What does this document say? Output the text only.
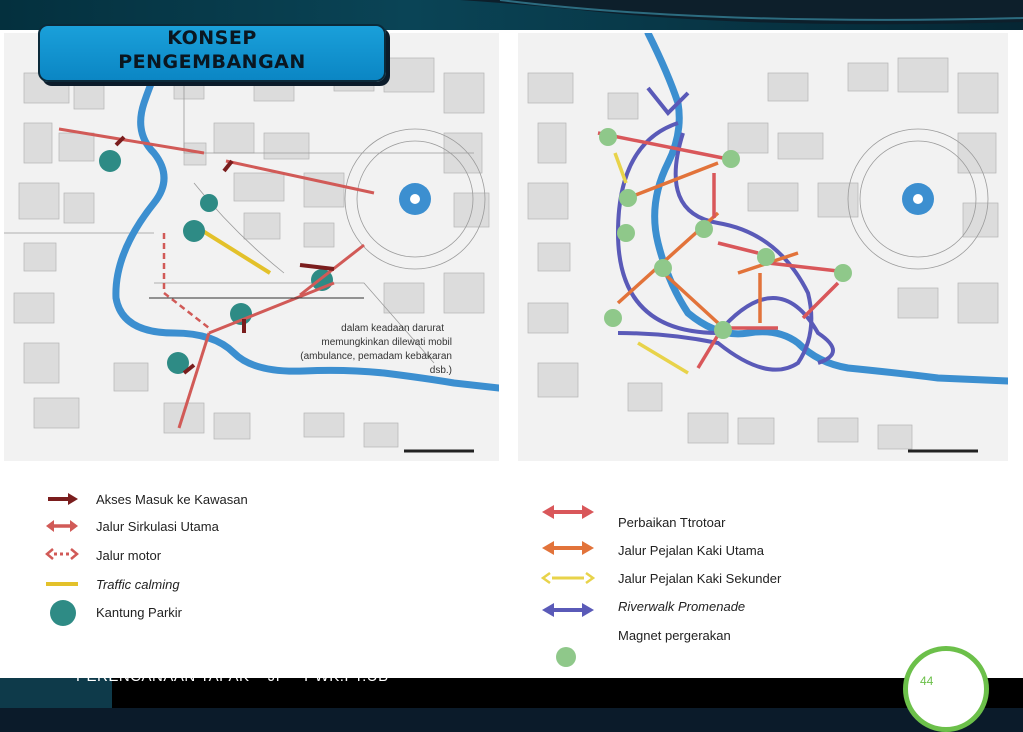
dalam keadaan darurat
memungkinkan dilewati mobil
(ambulance, pemadam kebakaran
dsb.)
KONSEP
PENGEMBANGAN
Akses Masuk ke Kawasan
Jalur Sirkulasi Utama
Jalur motor
Traffic calming
Kantung Parkir
Perbaikan Ttrotoar
Jalur Pejalan Kaki Utama
Jalur Pejalan Kaki Sekunder
Riverwalk Promenade
Magnet pergerakan
PERENCANAAN TAPAK – JP – PWK.FT.UB	44
